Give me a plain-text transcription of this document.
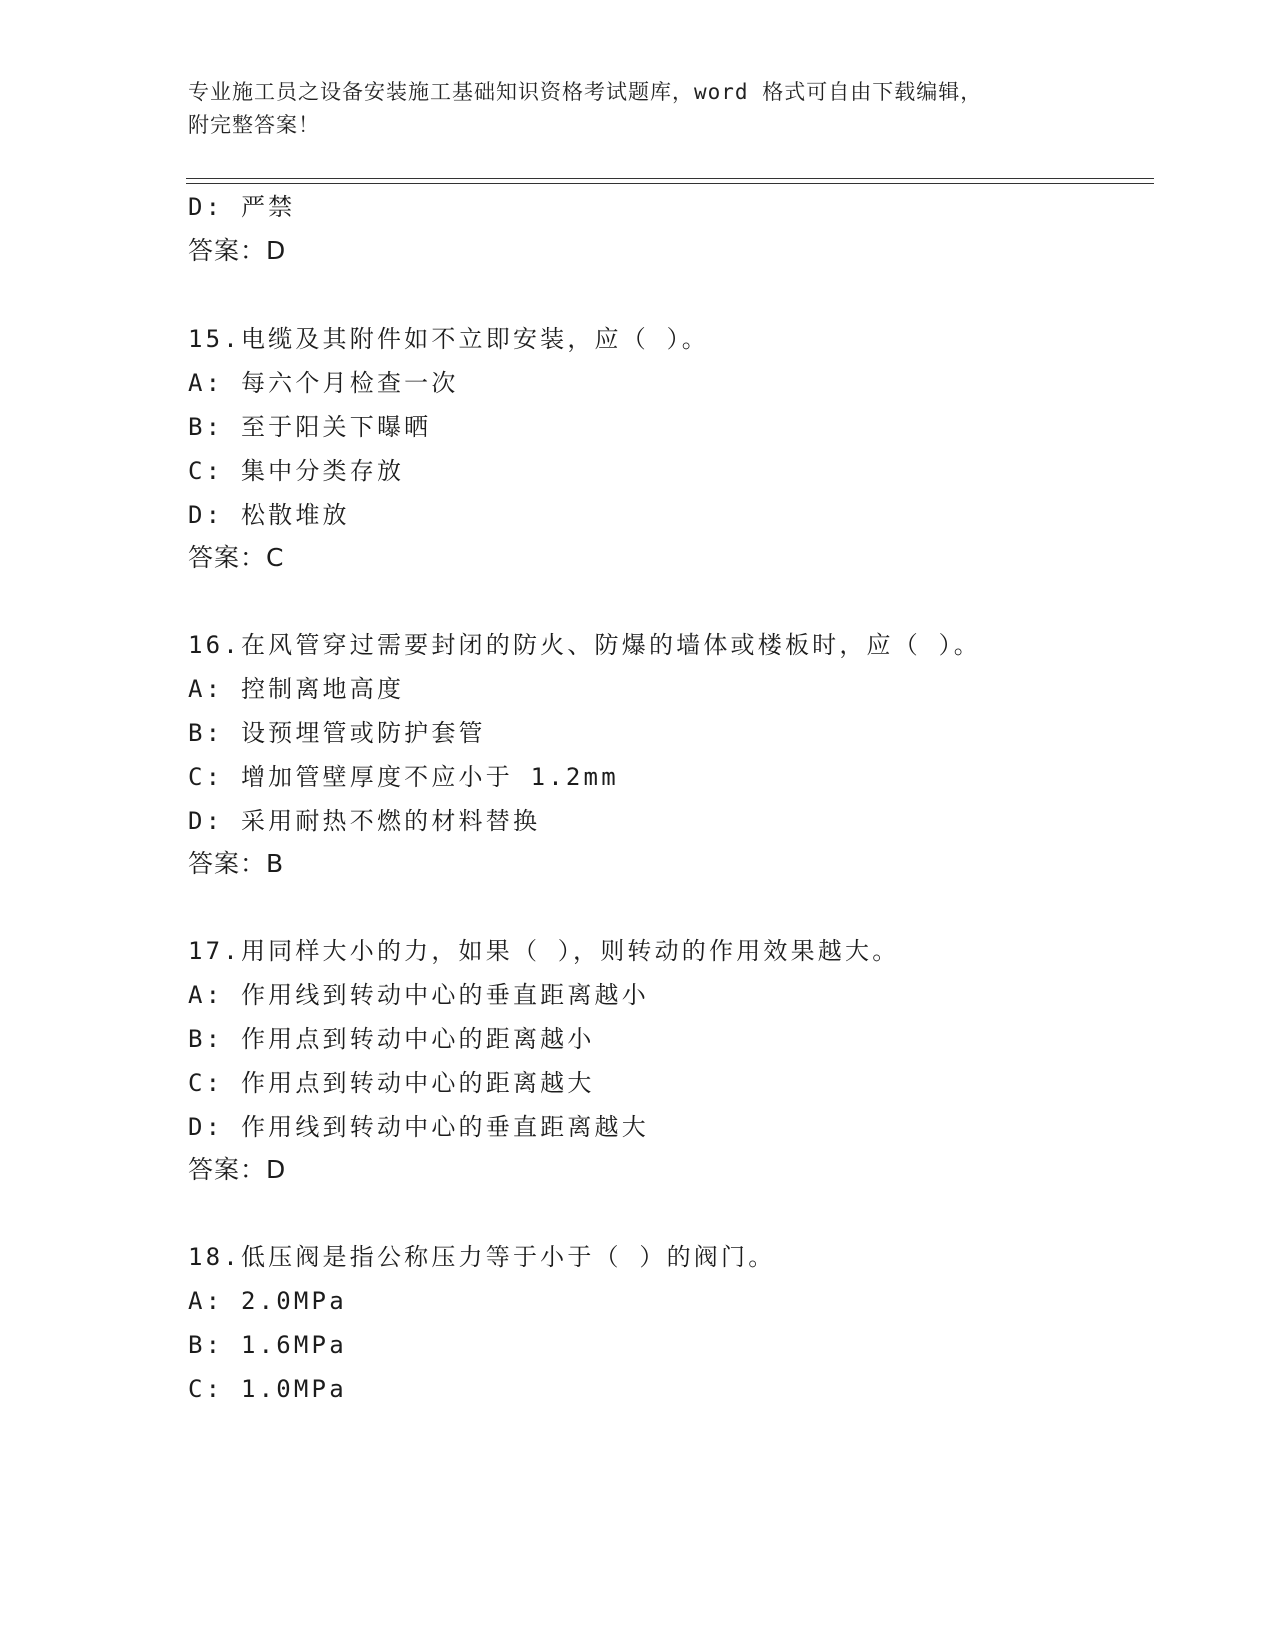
专业施工员之设备安装施工基础知识资格考试题库，word 格式可自由下载编辑，
附完整答案！
D: 严禁
答案：D
15.电缆及其附件如不立即安装，应（ ）。
A: 每六个月检查一次
B: 至于阳关下曝晒
C: 集中分类存放
D: 松散堆放
答案：C
16.在风管穿过需要封闭的防火、防爆的墙体或楼板时，应（ ）。
A: 控制离地高度
B: 设预埋管或防护套管
C: 增加管壁厚度不应小于 1.2mm
D: 采用耐热不燃的材料替换
答案：B
17.用同样大小的力，如果（ ），则转动的作用效果越大。
A: 作用线到转动中心的垂直距离越小
B: 作用点到转动中心的距离越小
C: 作用点到转动中心的距离越大
D: 作用线到转动中心的垂直距离越大
答案：D
18.低压阀是指公称压力等于小于（ ）的阀门。
A: 2.0MPa
B: 1.6MPa
C: 1.0MPa
